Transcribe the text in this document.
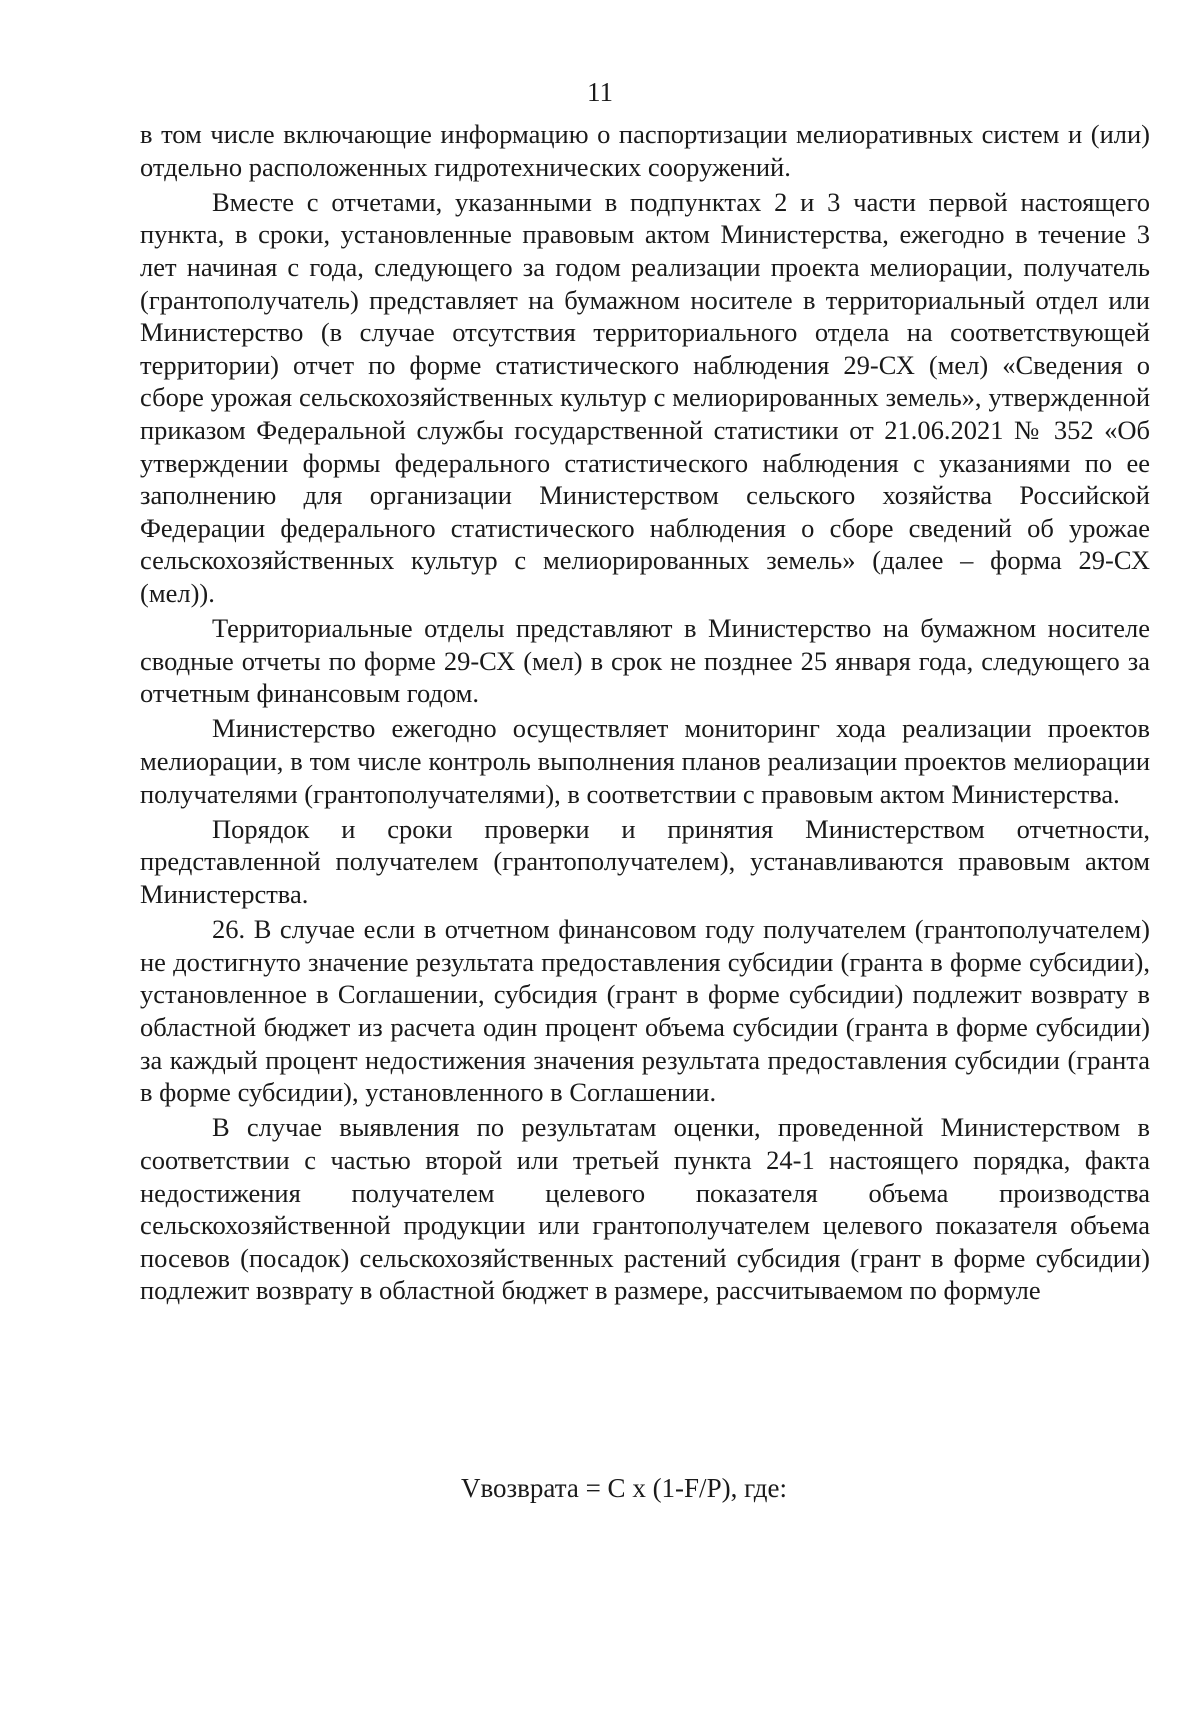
11

в том числе включающие информацию о паспортизации мелиоративных систем и (или) отдельно расположенных гидротехнических сооружений.

Вместе с отчетами, указанными в подпунктах 2 и 3 части первой настоящего пункта, в сроки, установленные правовым актом Министерства, ежегодно в течение 3 лет начиная с года, следующего за годом реализации проекта мелиорации, получатель (грантополучатель) представляет на бумажном носителе в территориальный отдел или Министерство (в случае отсутствия территориального отдела на соответствующей территории) отчет по форме статистического наблюдения 29-СХ (мел) «Сведения о сборе урожая сельскохозяйственных культур с мелиорированных земель», утвержденной приказом Федеральной службы государственной статистики от 21.06.2021 № 352 «Об утверждении формы федерального статистического наблюдения с указаниями по ее заполнению для организации Министерством сельского хозяйства Российской Федерации федерального статистического наблюдения о сборе сведений об урожае сельскохозяйственных культур с мелиорированных земель» (далее – форма 29-СХ (мел)).

Территориальные отделы представляют в Министерство на бумажном носителе сводные отчеты по форме 29-СХ (мел) в срок не позднее 25 января года, следующего за отчетным финансовым годом.

Министерство ежегодно осуществляет мониторинг хода реализации проектов мелиорации, в том числе контроль выполнения планов реализации проектов мелиорации получателями (грантополучателями), в соответствии с правовым актом Министерства.

Порядок и сроки проверки и принятия Министерством отчетности, представленной получателем (грантополучателем), устанавливаются правовым актом Министерства.

26. В случае если в отчетном финансовом году получателем (грантополучателем) не достигнуто значение результата предоставления субсидии (гранта в форме субсидии), установленное в Соглашении, субсидия (грант в форме субсидии) подлежит возврату в областной бюджет из расчета один процент объема субсидии (гранта в форме субсидии) за каждый процент недостижения значения результата предоставления субсидии (гранта в форме субсидии), установленного в Соглашении.

В случае выявления по результатам оценки, проведенной Министерством в соответствии с частью второй или третьей пункта 24-1 настоящего порядка, факта недостижения получателем целевого показателя объема производства сельскохозяйственной продукции или грантополучателем целевого показателя объема посевов (посадок) сельскохозяйственных растений субсидия (грант в форме субсидии) подлежит возврату в областной бюджет в размере, рассчитываемом по формуле

Vвозврата = C x (1-F/P), где:
